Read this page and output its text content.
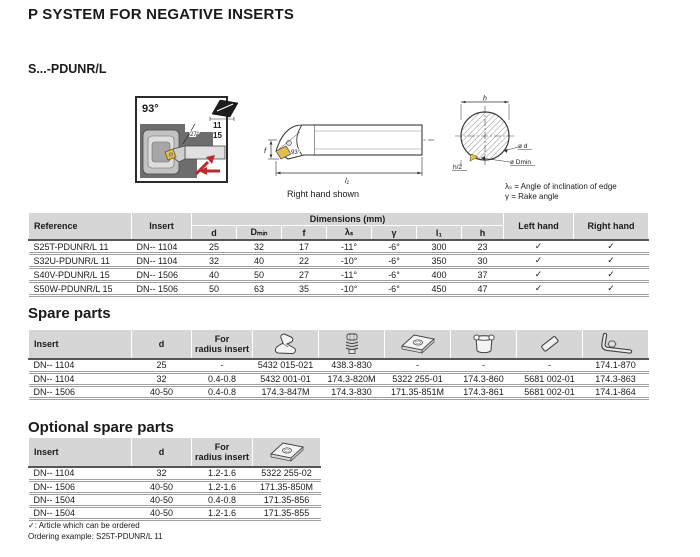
P SYSTEM FOR NEGATIVE INSERTS
S...-PDUNR/L
93°
27°
11
15
f	93°
l₁
Right hand shown
h
h/2
ø d
ø Dmin
λₛ = Angle of inclination of edge
γ = Rake angle
Reference	Insert	Dimensions (mm)							Left hand	Right hand
		d	Dₘᵢₙ	f	λₛ	γ	l₁	h		
S25T-PDUNR/L 11	DN-- 1104	25	32	17	-11°	-6°	300	23	✓	✓
S32U-PDUNR/L 11	DN-- 1104	32	40	22	-10°	-6°	350	30	✓	✓
S40V-PDUNR/L 15	DN-- 1506	40	50	27	-11°	-6°	400	37	✓	✓
S50W-PDUNR/L 15	DN-- 1506	50	63	35	-10°	-6°	450	47	✓	✓
Spare parts
Insert	d	For
radius insert

DN-- 1104	25	-	5432 015-021	438.3-830	-	-	-	174.1-870
DN-- 1104	32	0.4-0.8	5432 001-01	174.3-820M	5322 255-01	174.3-860	5681 002-01	174.3-863
DN-- 1506	40-50	0.4-0.8	174.3-847M	174.3-830	171.35-851M	174.3-861	5681 002-01	174.1-864
Optional spare parts
Insert	d	For
radius insert

DN-- 1104	32	1.2-1.6	5322 255-02
DN-- 1506	40-50	1.2-1.6	171.35-850M
DN-- 1504	40-50	0.4-0.8	171.35-856
DN-- 1504	40-50	1.2-1.6	171.35-855
✓: Article which can be ordered
Ordering example: S25T-PDUNR/L 11
